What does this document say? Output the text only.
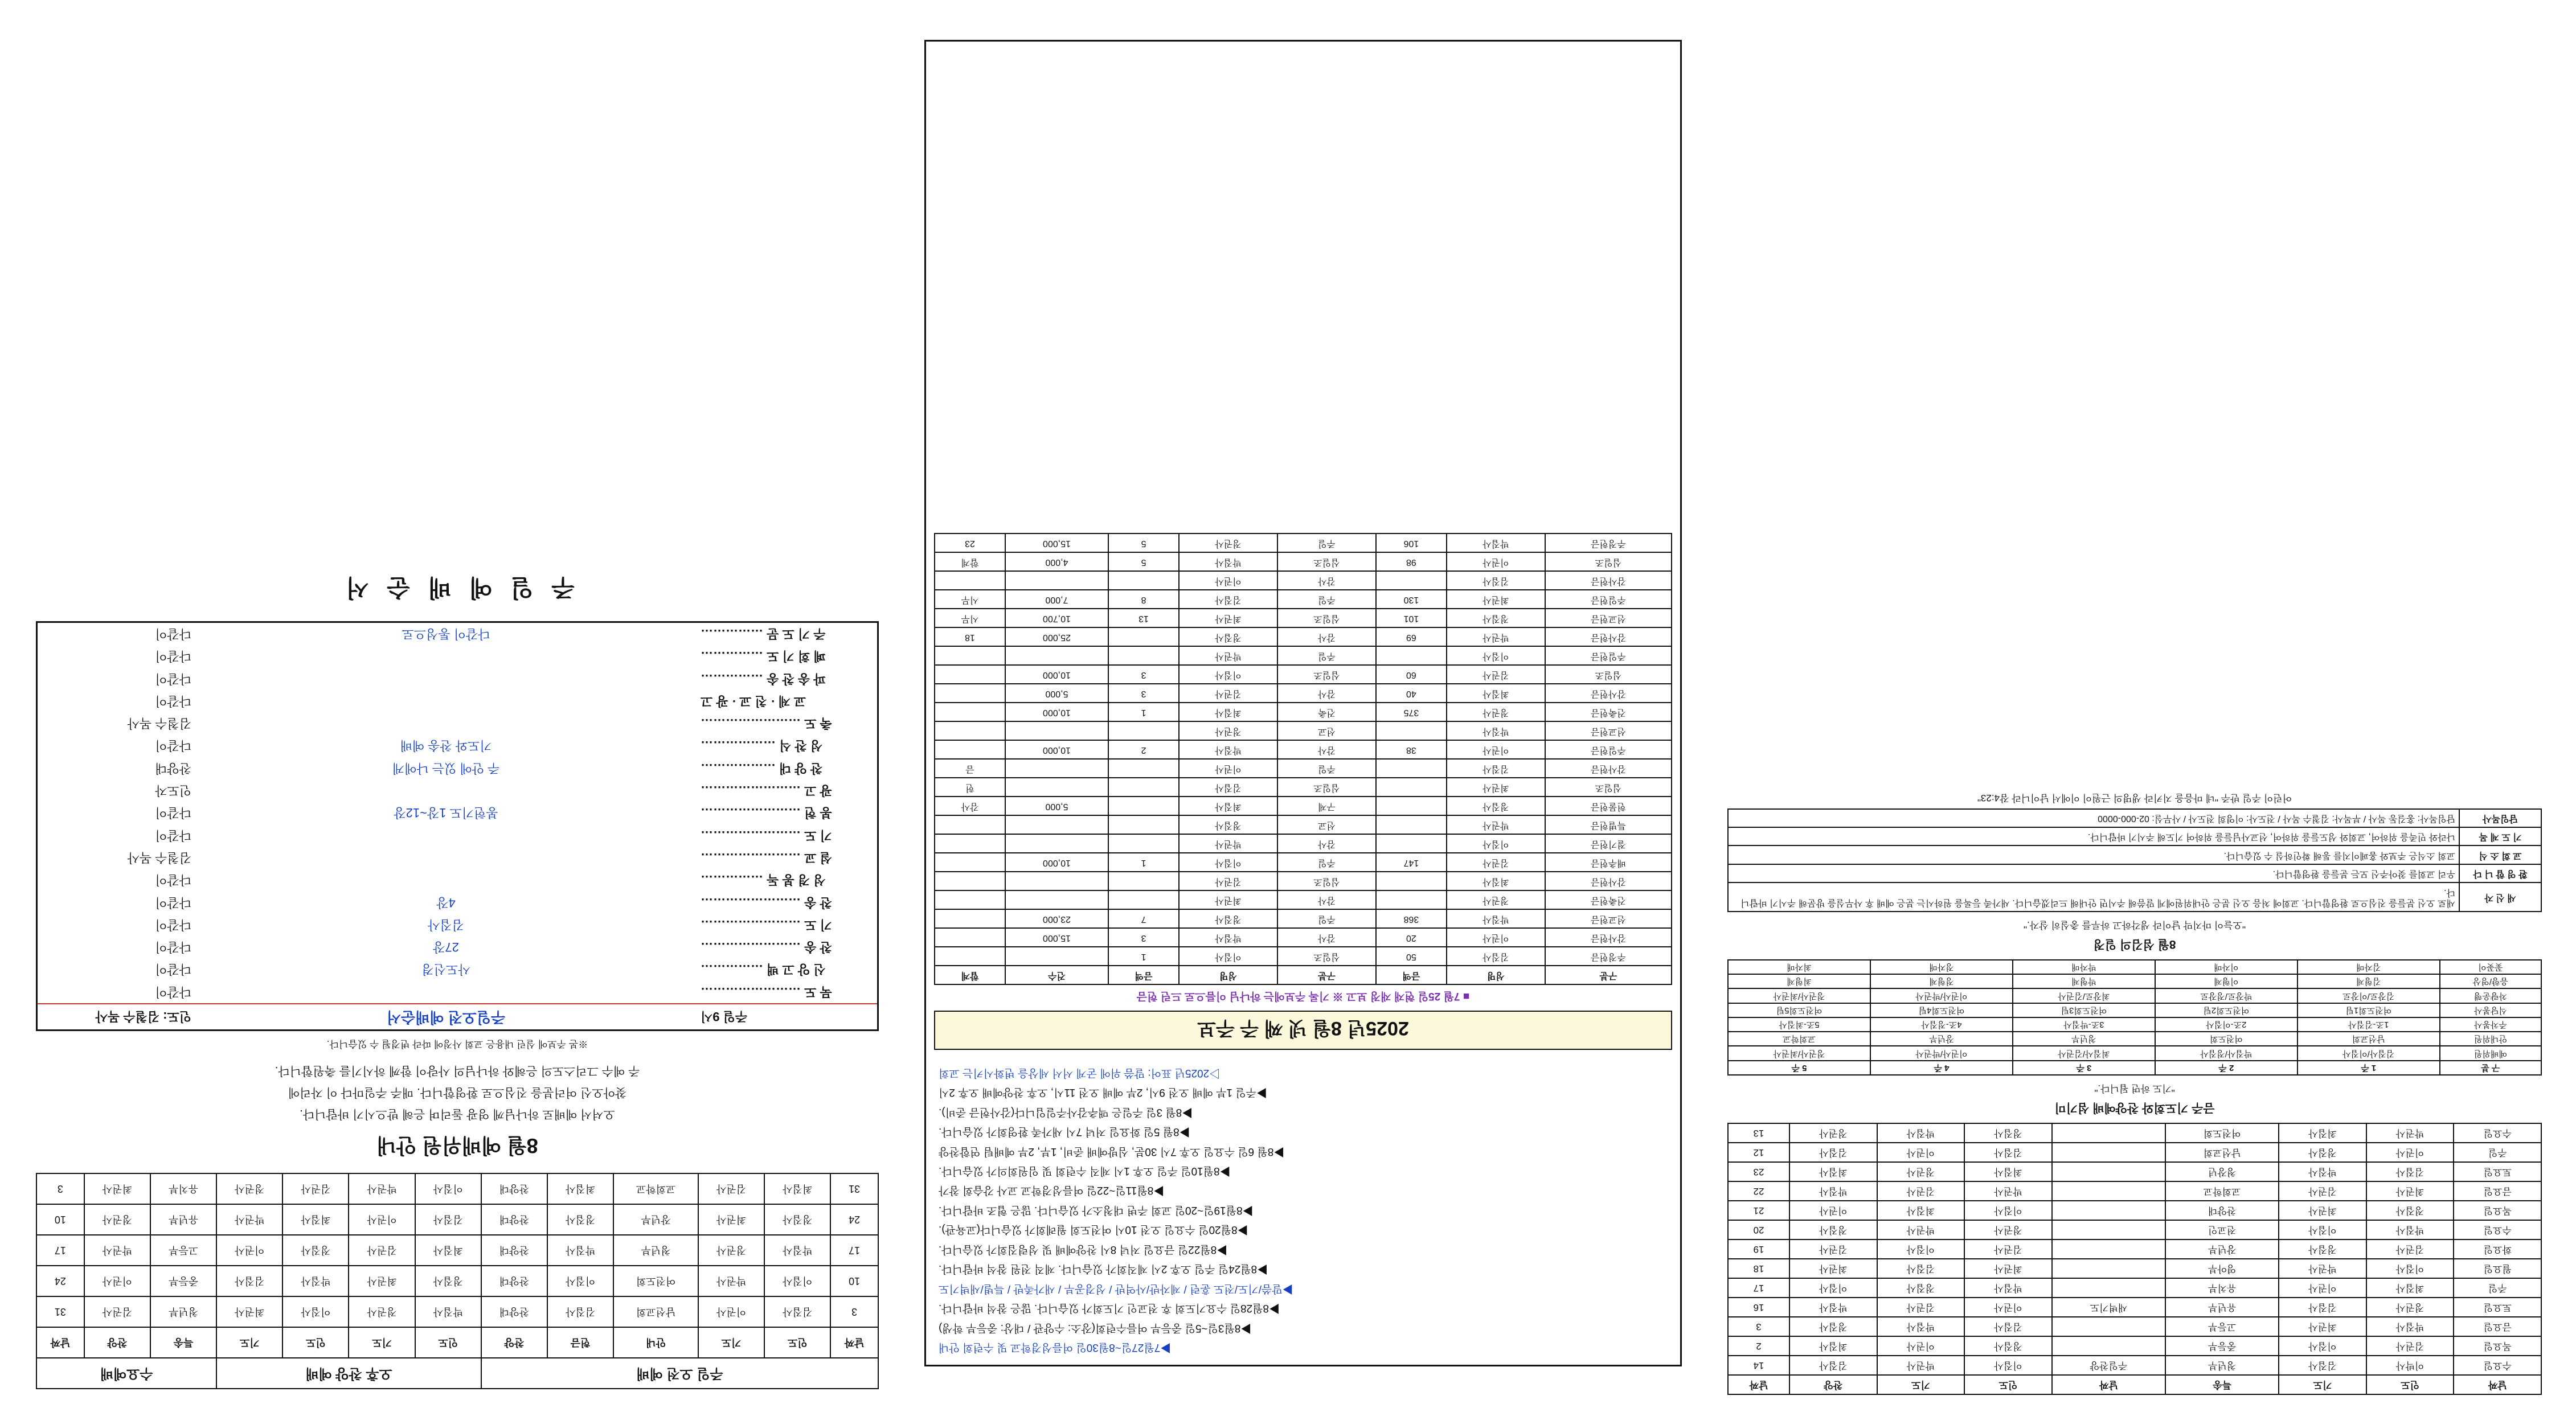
날짜	인도	기도	특송	날짜	인도	기도	찬양	날짜
수요일	이박사	김집사	청년부	주일찬양	이집사	박권사	김집사	14
목요일	김권사	이집사	중등부		정집사	이권사	최집사	2
금요일	박집사	최권사	고등부		김집사	박집사	정집사	3
토요일	정권사	김집사	유년부	새벽기도	이권사	김권사	박집사	16
주일	최집사	이권사	유치부		박집사	정집사	이집사	17
월요일	이집사	박권사	영아부		최권사	김집사	최권사	18
화요일	김권사	정집사	장년부		김권사	이집사	김권사	19
수요일	박집사	이집사	전교인		정권사	박권사	정집사	20
목요일	정집사	최권사	찬양대		이집사	최집사	이권사	21
금요일	최권사	김권사	교회학교		박권사	김권사	박집사	22
토요일	김집사	박집사	청장년		최집사	정권사	최집사	23
주일	이권사	정집사	남선교회		김집사	이권사	김집사	12
수요일	박권사	최집사	여전도회		정집사	박집사	정권사	13
금주 기도회와 찬양예배 섬기미
"기도 하면 됩니다."
구 분	1 주	2 주	3 주	4 주	5 주
예배위원	김집사/이집사	박집사/정집사	최집사/김권사	이권사/박권사	정권사/최권사
안내위원	남선교회	여전도회	청년부	장년부	교회학교
주차봉사	1조-김집사	2조-이집사	3조-박집사	4조-정집사	5조-최집사
식당봉사	여전도회1팀	여전도회2팀	여전도회3팀	여전도회4팀	여전도회5팀
차량운행	김장로/이장로	박장로/정장로	최장로/김권사	이권사/박권사	정권사/최권사
음향/영상	김형제	이형제	박형제	정형제	최형제
꽃꽂이	김자매	이자매	박자매	정자매	최자매
8월 섬김의 일정
"오늘이 마지막 날이라 생각하고 하루를 충실히 살자."
새 신 자	새로 오신 분들을 진심으로 환영합니다. 교회에 처음 오신 분은 안내위원에게 말씀해 주시면 안내해 드리겠습니다. 새가족 등록을 원하시는 분은 예배 후 사무실을 방문해 주시기 바랍니다.
환 영 합 니 다	우리 교회를 찾아주신 모든 분들을 환영합니다.
교 회 소 식	교회 소식은 주보와 홈페이지를 통해 확인하실 수 있습니다.
기 도 제 목	나라와 민족을 위하여, 교회와 성도들을 위하여, 선교사님들을 위하여 기도해 주시기 바랍니다.
담임목사	담임목사: 홍길동 목사 / 부목사: 김철수 목사 / 전도사: 이영희 전도사 / 사무실: 02-000-0000
어린이 주일 반주 "네 마음을 지키라 생명의 근원이 이에서 남이니라 잠4:23"
▶7월27일~8월30일 여름성경학교 및 수련회 안내
▶8월3일~5일 중등부 여름수련회(장소: 수양관 / 대상: 중등부 학생)
▶8월28일 수요기도회 후 전교인 기도회가 있습니다. 많은 참석 바랍니다.
▶말씀/기도/전도 훈련 / 제자반/사역반 / 성경공부 / 새가족반 / 특별/새벽기도
▶8월24일 주일 오후 2시 제직회가 있습니다. 제직 전원 참석 바랍니다.
▶8월22일 금요일 저녁 8시 찬양예배 및 성령집회가 있습니다.
▶8월20일 수요일 오전 10시 여전도회 월례회가 있습니다(교육관).
▶8월19일~20일 교회 주변 대청소가 있습니다. 많은 협조 바랍니다.
▶8월11일~22일 여름성경학교 교사 강습회 참가
▶8월10일 주일 오후 1시 제직 수련회 및 임원회의가 있습니다.
▶8월 6일 수요일 오후 7시 30분, 심방예배 준비, 1부, 2부 예배팀 연합찬양
▶8월 5일 화요일 저녁 7시 새가족 환영회가 있습니다.
▶8월 3일 주일은 맥추감사주일입니다(감사헌금 준비).
▶주일 1부 예배 오전 9시, 2부 예배 오전 11시, 오후 찬양예배 오후 2시
▷2025년 표어: 말씀 위에 굳게 서서 세상을 변화시키는 교회
2025년 8월 넷 째 주 주보
■ 7월 25일 현재 재정 보고 ※ 기록 주보에는 하나님 이름으로 드린 헌금
구분	성명	금액	구분	성명	금액	건수	합계
주정헌금	김집사	50	십일조	이집사	1		
감사헌금	이권사	20	감사	박집사	3	15,000	
선교헌금	박집사	368	주일	정집사	7	23,000	
건축헌금	정권사		감사	최권사			
감사헌금	최집사		십일조	김권사			
배추헌금	김권사	147	주일	이집사	1	10,000	
절기헌금	이집사		감사	박권사			
특별헌금	박권사		선교	정집사			
헌물헌금	정집사		구제	최집사		5,000	감사
십일조	최권사		십일조	김집사			헌
감사헌금	김집사		주일	이권사			금
주일헌금	이권사	38	감사	박집사	2	10,000	
선교헌금	박집사		선교	정권사			
건축헌금	정권사	375	건축	최집사	1	10,000	
감사헌금	최집사	40	감사	김권사	3	5,000	
십일조	김권사	60	십일조	이집사	3	10,000	
주일헌금	이집사		주일	박권사			
감사헌금	박권사	69	감사	정집사		25,000	18
선교헌금	정집사	101	십일조	최권사	13	10,700	시무
주일헌금	최권사	130	주일	김집사	8	7,000	시무
감사헌금	김집사		감사	이권사			
십일조	이권사	98	십일조	박집사	5	4,000	합계
주정헌금	박집사	106	주일	정권사	5	15,000	23
주일 오전 예배						오후 찬양 예배				수요예배		
날짜	인도	기도	안내	헌금	찬양	인도	기도	인도	기도	특송	찬양	날짜
3	김집사	이권사	남선교회	김집사	찬양대	박집사	정권사	이집사	최권사	청년부	김권사	31
10	이집사	박권사	여전도회	이집사	찬양대	정집사	최권사	박집사	김집사	중등부	이권사	24
17	박집사	정권사	청년부	박집사	찬양대	최집사	김권사	정집사	이권사	고등부	박권사	17
24	정집사	최권사	장년부	정집사	찬양대	김집사	이권사	최집사	박권사	유년부	정권사	10
31	최집사	김권사	교회학교	최집사	찬양대	이집사	박권사	김권사	정권사	유치부	최권사	3
8월 예배위원 안내
오셔서 예배로 하나님께 영광 돌리며 은혜 받으시기 바랍니다.
찾아오신 여러분을 진심으로 환영합니다. 매주 주일마다 이 자리에
주 예수 그리스도의 은혜와 하나님의 사랑이 함께 하시기를 축원합니다.
※본 주보에 실린 내용은 교회 사정에 따라 변경될 수 있습니다.
주일 9시	주일오전 예배순서	인도: 김철수 목사
묵 도 ……………………		다같이
신 앙 고 백 ……………	사도신경	다같이
찬 송 ……………………	27장	다같이
기 도 ……………………	김집사	다같이
찬 송 ……………………	4장	다같이
성 경 봉 독 ……………		다같이
설 교 ……………………		김철수 목사
기 도 ……………………		다같이
봉 헌 ……………………	봉헌기도 1장~12장	다같이
광 고 ……………………		인도자
찬 양 대 ………………	주 안에 있는 나에게	찬양대
성 찬 식 ………………	기도와 찬송 예배	다같이
축 도 ……………………		김철수 목사
교 제 · 친 교 · 광 고		다같이
파 송 찬 송 ……………		다같이
폐 회 기 도 ……………		다같이
주 기 도 문 ……………	다같이 통성으로	다같이
주 일 예 배 순 서
